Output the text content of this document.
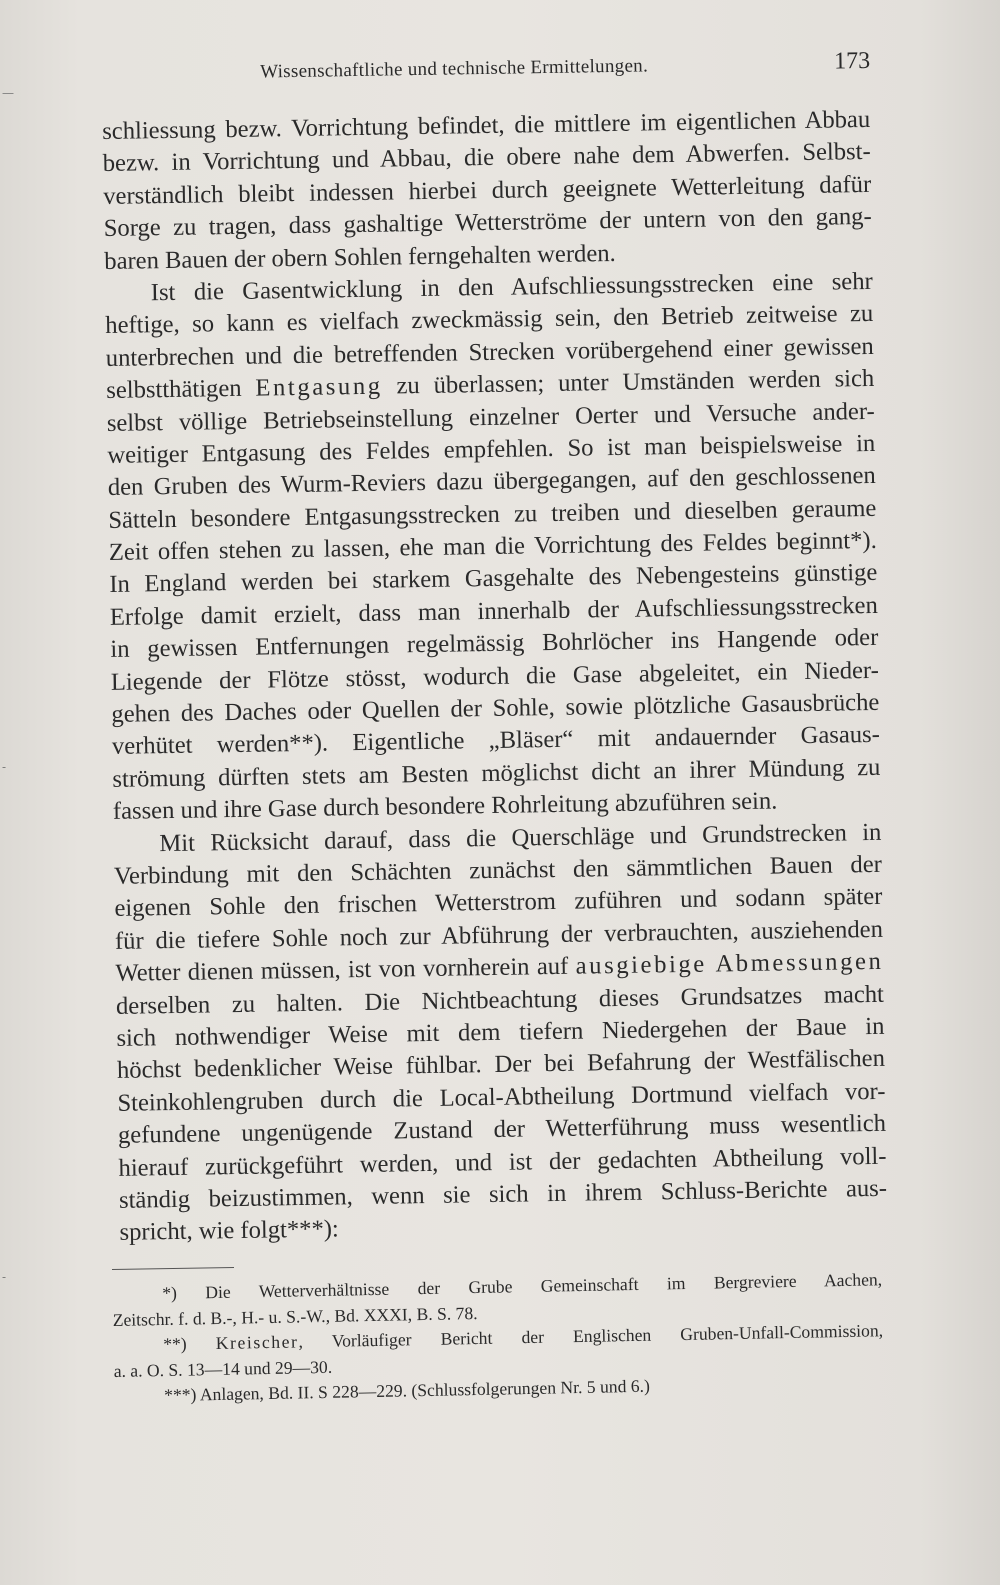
—
-
-
Wissenschaftliche und technische Ermittelungen.	173
schliessung bezw. Vorrichtung befindet, die mittlere im eigentlichen Abbau
bezw. in Vorrichtung und Abbau, die obere nahe dem Abwerfen. Selbst-
verständlich bleibt indessen hierbei durch geeignete Wetterleitung dafür
Sorge zu tragen, dass gashaltige Wetterströme der untern von den gang-
baren Bauen der obern Sohlen ferngehalten werden.
Ist die Gasentwicklung in den Aufschliessungsstrecken eine sehr
heftige, so kann es vielfach zweckmässig sein, den Betrieb zeitweise zu
unterbrechen und die betreffenden Strecken vorübergehend einer gewissen
selbstthätigen Entgasung zu überlassen; unter Umständen werden sich
selbst völlige Betriebseinstellung einzelner Oerter und Versuche ander-
weitiger Entgasung des Feldes empfehlen. So ist man beispielsweise in
den Gruben des Wurm-Reviers dazu übergegangen, auf den geschlossenen
Sätteln besondere Entgasungsstrecken zu treiben und dieselben geraume
Zeit offen stehen zu lassen, ehe man die Vorrichtung des Feldes beginnt*).
In England werden bei starkem Gasgehalte des Nebengesteins günstige
Erfolge damit erzielt, dass man innerhalb der Aufschliessungsstrecken
in gewissen Entfernungen regelmässig Bohrlöcher ins Hangende oder
Liegende der Flötze stösst, wodurch die Gase abgeleitet, ein Nieder-
gehen des Daches oder Quellen der Sohle, sowie plötzliche Gasausbrüche
verhütet werden**). Eigentliche „Bläser“ mit andauernder Gasaus-
strömung dürften stets am Besten möglichst dicht an ihrer Mündung zu
fassen und ihre Gase durch besondere Rohrleitung abzuführen sein.
Mit Rücksicht darauf, dass die Querschläge und Grundstrecken in
Verbindung mit den Schächten zunächst den sämmtlichen Bauen der
eigenen Sohle den frischen Wetterstrom zuführen und sodann später
für die tiefere Sohle noch zur Abführung der verbrauchten, ausziehenden
Wetter dienen müssen, ist von vornherein auf ausgiebige Abmessungen
derselben zu halten. Die Nichtbeachtung dieses Grundsatzes macht
sich nothwendiger Weise mit dem tiefern Niedergehen der Baue in
höchst bedenklicher Weise fühlbar. Der bei Befahrung der Westfälischen
Steinkohlengruben durch die Local-Abtheilung Dortmund vielfach vor-
gefundene ungenügende Zustand der Wetterführung muss wesentlich
hierauf zurückgeführt werden, und ist der gedachten Abtheilung voll-
ständig beizustimmen, wenn sie sich in ihrem Schluss-Berichte aus-
spricht, wie folgt***):
*) Die Wetterverhältnisse der Grube Gemeinschaft im Bergreviere Aachen,
Zeitschr. f. d. B.-, H.- u. S.-W., Bd. XXXI, B. S. 78.
**) Kreischer, Vorläufiger Bericht der Englischen Gruben-Unfall-Commission,
a. a. O. S. 13—14 und 29—30.
***) Anlagen, Bd. II. S 228—229. (Schlussfolgerungen Nr. 5 und 6.)
